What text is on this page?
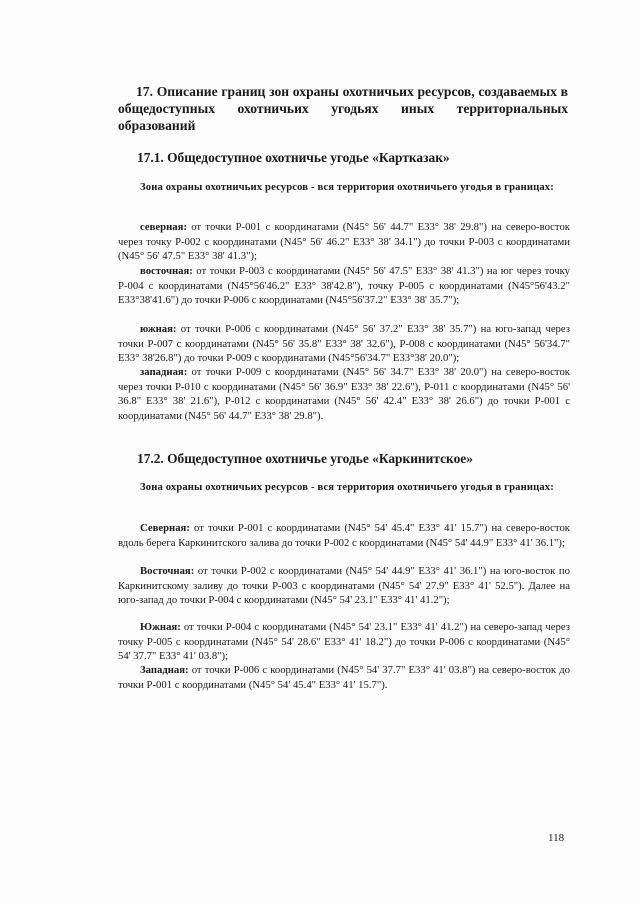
17. Описание границ зон охраны охотничьих ресурсов, создаваемых в общедоступных охотничьих угодьях иных территориальных образований
17.1. Общедоступное охотничье угодье «Картказак»
Зона охраны охотничьих ресурсов - вся территория охотничьего угодья в границах:
северная: от точки Р-001 с координатами (N45° 56' 44.7" Е33° 38' 29.8") на северо-восток через точку Р-002 с координатами (N45° 56' 46.2" Е33° 38' 34.1") до точки Р-003 с координатами (N45° 56' 47.5" Е33° 38' 41.3");
восточная: от точки Р-003 с координатами (N45° 56' 47.5" Е33° 38' 41.3") на юг через точку Р-004 с координатами (N45°56'46.2" Е33° 38'42.8"), точку Р-005 с координатами (N45°56'43.2" Е33°38'41.6") до точки Р-006 с координатами (N45°56'37.2" Е33° 38' 35.7");
южная: от точки Р-006 с координатами (N45° 56' 37.2" Е33° 38' 35.7") на юго-запад через точки Р-007 с координатами (N45° 56' 35.8" Е33° 38' 32.6"), Р-008 с координатами (N45° 56'34.7" Е33° 38'26.8") до точки Р-009 с координатами (N45°56'34.7" Е33°38' 20.0");
западная: от точки Р-009 с координатами (N45° 56' 34.7" Е33° 38' 20.0") на северо-восток через точки Р-010 с координатами (N45° 56' 36.9" Е33° 38' 22.6"), Р-011 с координатами (N45° 56' 36.8" Е33° 38' 21.6"), Р-012 с координатами (N45° 56' 42.4" Е33° 38' 26.6") до точки Р-001 с координатами (N45° 56' 44.7" Е33° 38' 29.8").
17.2. Общедоступное охотничье угодье «Каркинитское»
Зона охраны охотничьих ресурсов - вся территория охотничьего угодья в границах:
Северная: от точки Р-001 с координатами (N45° 54' 45.4" Е33° 41' 15.7") на северо-восток вдоль берега Каркинитского залива до точки Р-002 с координатами (N45° 54' 44.9" Е33° 41' 36.1");
Восточная: от точки Р-002 с координатами (N45° 54' 44.9" Е33° 41' 36.1") на юго-восток по Каркинитскому заливу до точки Р-003 с координатами (N45° 54' 27.9" Е33° 41' 52.5"). Далее на юго-запад до точки Р-004 с координатами (N45° 54' 23.1" Е33° 41' 41.2");
Южная: от точки Р-004 с координатами (N45° 54' 23.1" Е33° 41' 41.2") на северо-запад через точку Р-005 с координатами (N45° 54' 28.6" Е33° 41' 18.2") до точки Р-006 с координатами (N45° 54' 37.7" Е33° 41' 03.8");
Западная: от точки Р-006 с координатами (N45° 54' 37.7" Е33° 41' 03.8") на северо-восток до точки Р-001 с координатами (N45° 54' 45.4" Е33° 41' 15.7").
118
